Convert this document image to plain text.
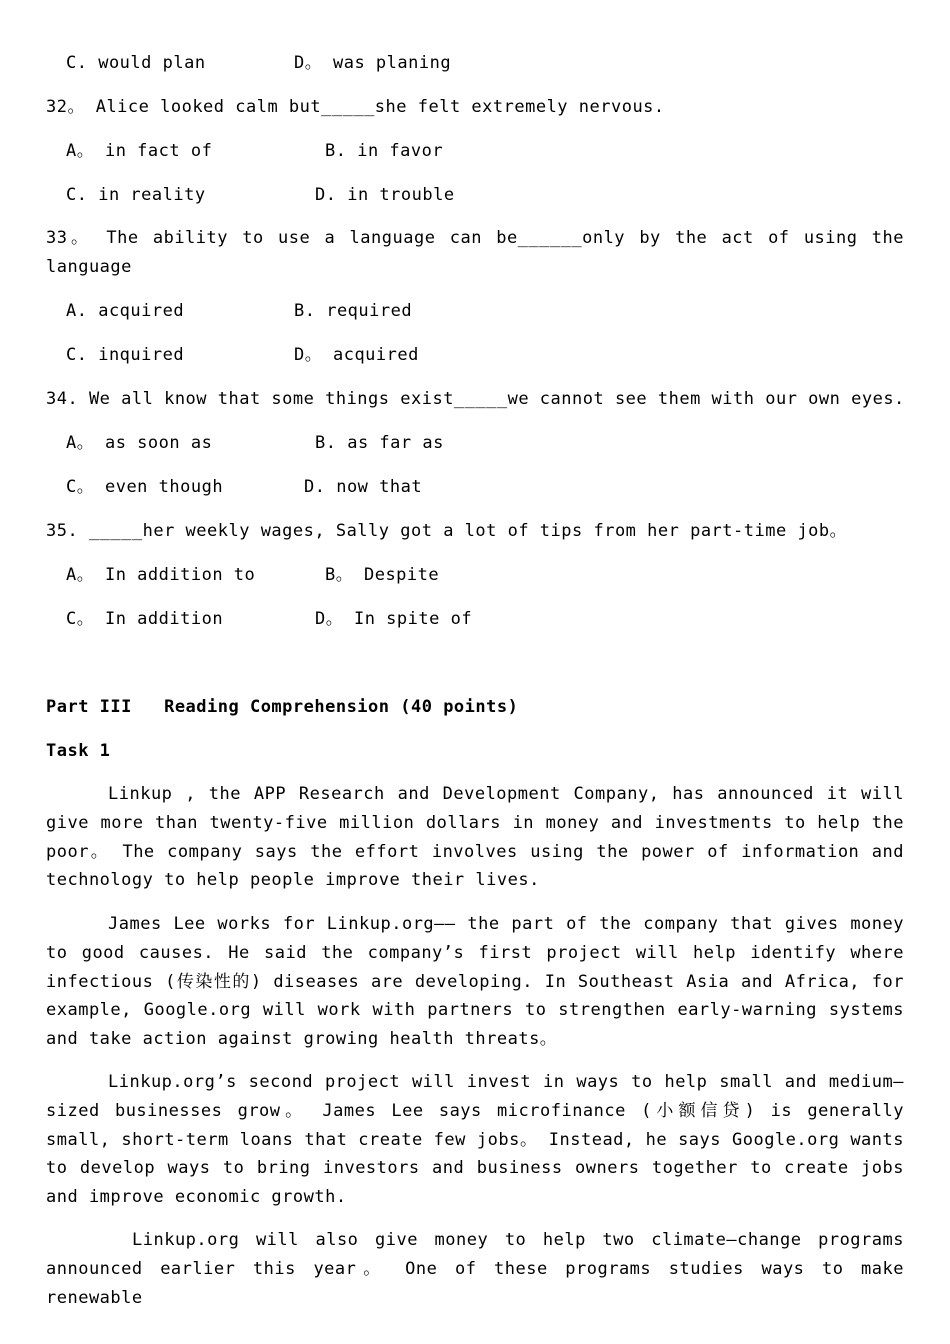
C. would plan	D。 was planing
32。 Alice looked calm but_____she felt extremely nervous.
A。 in fact of	B. in favor
C. in reality	D. in trouble
33。 The ability to use a language can be______only by the act of using the language
A. acquired	B. required
C. inquired	D。 acquired
34. We all know that some things exist_____we cannot see them with our own eyes.
A。 as soon as	B. as far as
C。 even though	D. now that
35. _____her weekly wages, Sally got a lot of tips from her part-time job。
A。 In addition to	B。 Despite
C。 In addition	D。 In spite of
Part III   Reading Comprehension (40 points)
Task 1
Linkup , the APP Research and Development Company, has announced it will give more than twenty-five million dollars in money and investments to help the poor。 The company says the effort involves using the power of information and technology to help people improve their lives.
James Lee works for Linkup.org—— the part of the company that gives money to good causes. He said the company’s first project will help identify where infectious (传染性的) diseases are developing. In Southeast Asia and Africa, for example, Google.org will work with partners to strengthen early-warning systems and take action against growing health threats。
Linkup.org’s second project will invest in ways to help small and medium—sized businesses grow。 James Lee says microfinance (小额信贷) is generally small, short-term loans that create few jobs。 Instead, he says Google.org wants to develop ways to bring investors and business owners together to create jobs and improve economic growth.
Linkup.org will also give money to help two climate—change programs announced earlier this year。 One of these programs studies ways to make renewable
